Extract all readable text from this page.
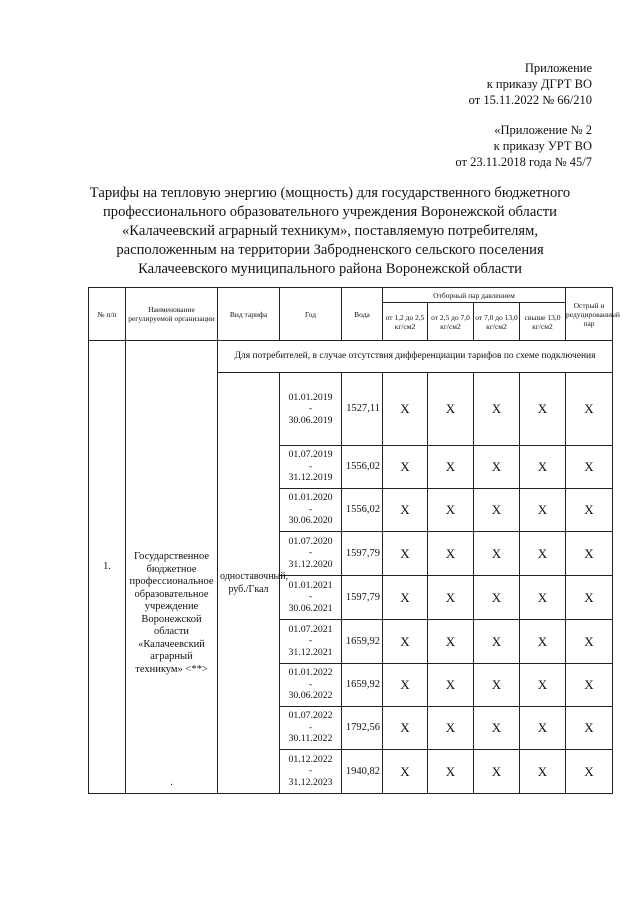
Приложение
к приказу ДГРТ ВО
от 15.11.2022 № 66/210
«Приложение № 2
к приказу УРТ ВО
от 23.11.2018 года № 45/7
Тарифы на тепловую энергию (мощность) для государственного бюджетного
профессионального образовательного учреждения Воронежской области
«Калачеевский аграрный техникум», поставляемую потребителям,
расположенным на территории Забродненского сельского поселения
Калачеевского муниципального района Воронежской области
№ п/п	Наименование регулируемой организации	Вид тарифа	Год	Вода	Отборный пар давлением				Острый и редуцированный пар
					от 1,2 до 2,5 кг/см2	от 2,5 до 7,0 кг/см2	от 7,0 до 13,0 кг/см2	свыше 13,0 кг/см2	
1.	Государственное бюджетное профессиональное образовательное учреждение Воронежской области «Калачеевский аграрный техникум» <**>
·	Для потребителей, в случае отсутствия дифференциации тарифов по схеме подключения							
		одноставочный, руб./Гкал	01.01.2019
-
30.06.2019	1527,11	Х	Х	Х	Х	Х

			01.07.2019
-
31.12.2019	1556,02	Х	Х	Х	Х	Х

			01.01.2020
-
30.06.2020	1556,02	Х	Х	Х	Х	Х

			01.07.2020
-
31.12.2020	1597,79	Х	Х	Х	Х	Х

			01.01.2021
-
30.06.2021	1597,79	Х	Х	Х	Х	Х

			01.07.2021
-
31.12.2021	1659,92	Х	Х	Х	Х	Х

			01.01.2022
-
30.06.2022	1659,92	Х	Х	Х	Х	Х

			01.07.2022
-
30.11.2022	1792,56	Х	Х	Х	Х	Х

			01.12.2022
-
31.12.2023	1940,82	Х	Х	Х	Х	Х
